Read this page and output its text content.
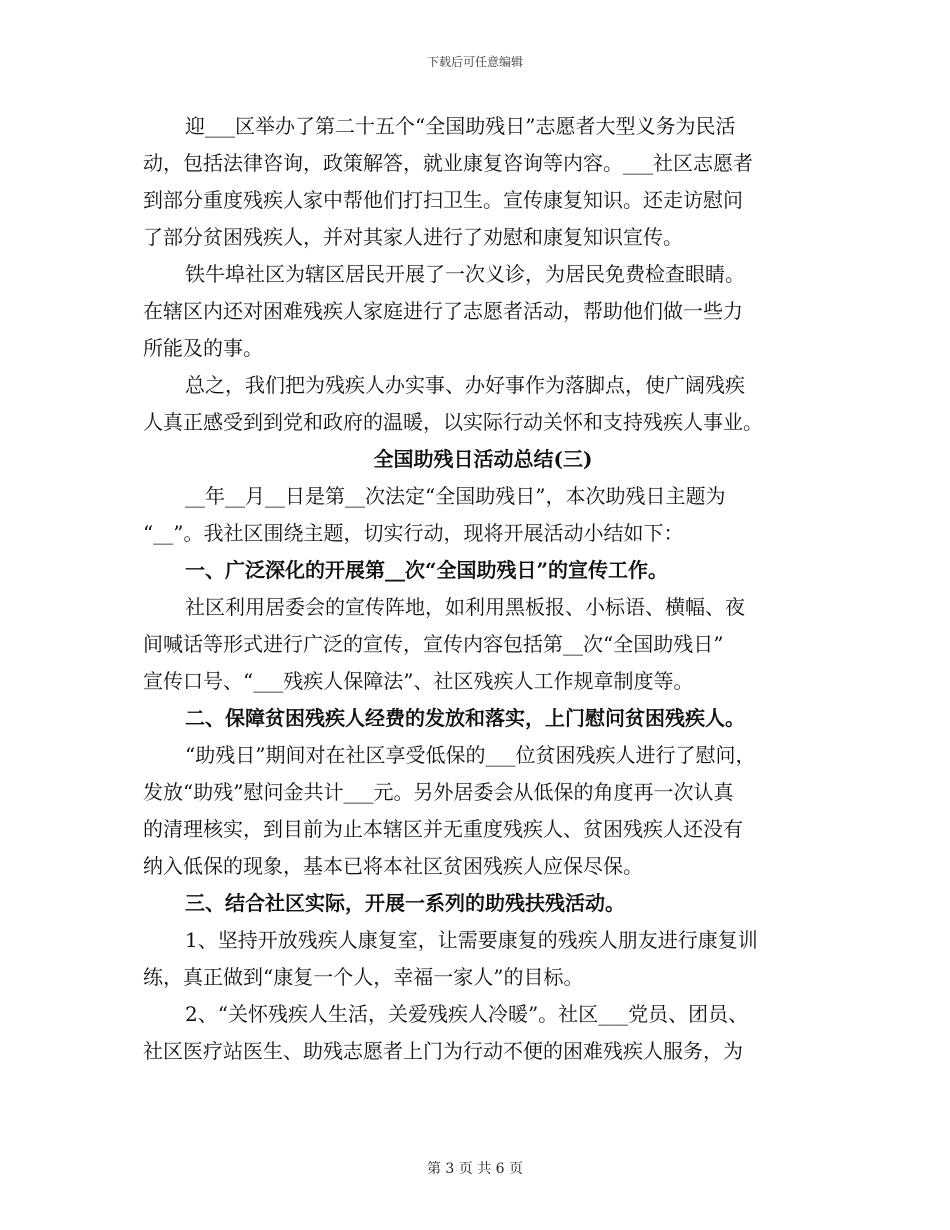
下载后可任意编辑
迎___区举办了第二十五个“全国助残日”志愿者大型义务为民活
动，包括法律咨询，政策解答，就业康复咨询等内容。___社区志愿者
到部分重度残疾人家中帮他们打扫卫生。宣传康复知识。还走访慰问
了部分贫困残疾人，并对其家人进行了劝慰和康复知识宣传。
铁牛埠社区为辖区居民开展了一次义诊，为居民免费检查眼睛。
在辖区内还对困难残疾人家庭进行了志愿者活动，帮助他们做一些力
所能及的事。
总之，我们把为残疾人办实事、办好事作为落脚点，使广阔残疾
人真正感受到到党和政府的温暖，以实际行动关怀和支持残疾人事业。
全国助残日活动总结(三)
__年__月__日是第__次法定“全国助残日”，本次助残日主题为
“__”。我社区围绕主题，切实行动，现将开展活动小结如下：
一、广泛深化的开展第__次“全国助残日”的宣传工作。
社区利用居委会的宣传阵地，如利用黑板报、小标语、横幅、夜
间喊话等形式进行广泛的宣传，宣传内容包括第__次“全国助残日”
宣传口号、“___残疾人保障法”、社区残疾人工作规章制度等。
二、保障贫困残疾人经费的发放和落实，上门慰问贫困残疾人。
“助残日”期间对在社区享受低保的___位贫困残疾人进行了慰问，
发放“助残”慰问金共计___元。另外居委会从低保的角度再一次认真
的清理核实，到目前为止本辖区并无重度残疾人、贫困残疾人还没有
纳入低保的现象，基本已将本社区贫困残疾人应保尽保。
三、结合社区实际，开展一系列的助残扶残活动。
1、坚持开放残疾人康复室，让需要康复的残疾人朋友进行康复训
练，真正做到“康复一个人，幸福一家人”的目标。
2、“关怀残疾人生活，关爱残疾人冷暖”。社区___党员、团员、
社区医疗站医生、助残志愿者上门为行动不便的困难残疾人服务，为
第 3 页 共 6 页
